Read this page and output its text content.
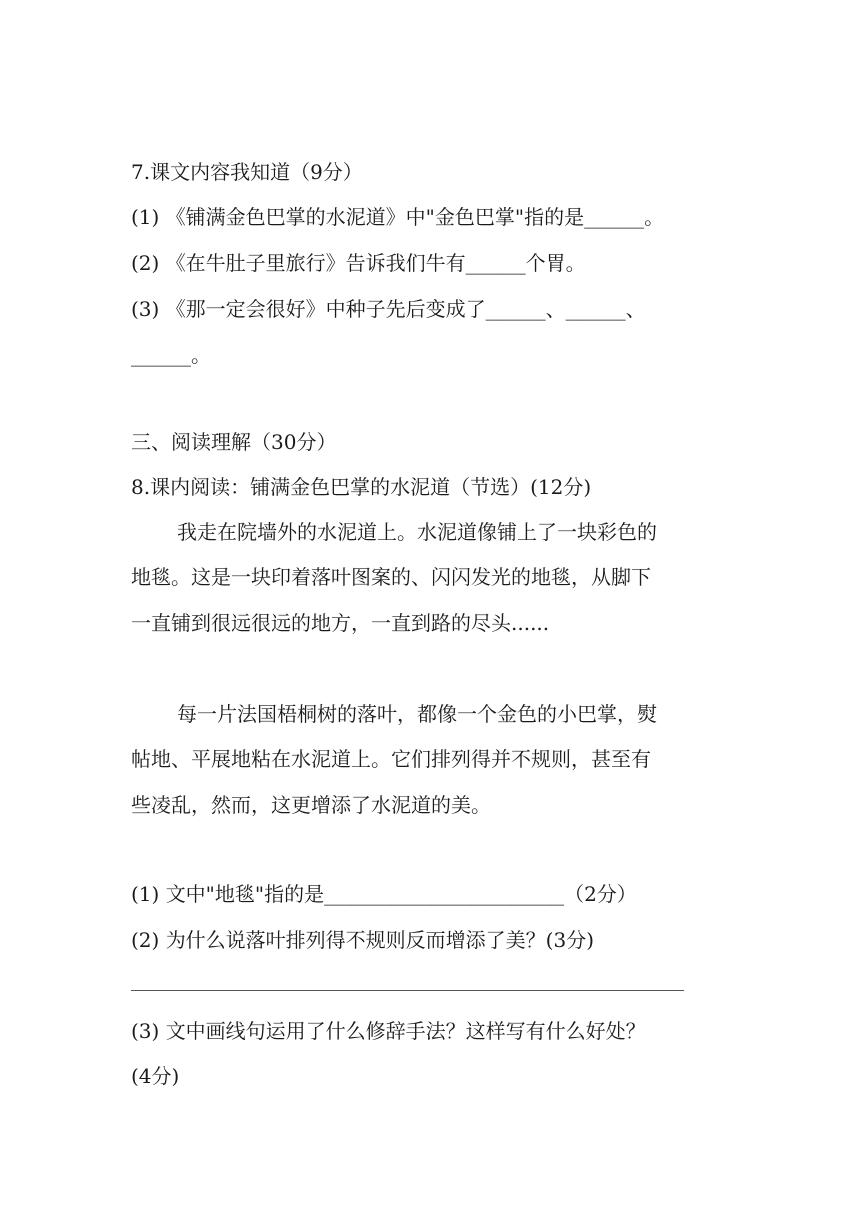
7.课文内容我知道（9分）
(1) 《铺满金色巴掌的水泥道》中"金色巴掌"指的是______。
(2) 《在牛肚子里旅行》告诉我们牛有______个胃。
(3) 《那一定会很好》中种子先后变成了______、______、
______。
三、阅读理解（30分）
8.课内阅读：铺满金色巴掌的水泥道（节选）(12分)
我走在院墙外的水泥道上。水泥道像铺上了一块彩色的
地毯。这是一块印着落叶图案的、闪闪发光的地毯，从脚下
一直铺到很远很远的地方，一直到路的尽头......
每一片法国梧桐树的落叶，都像一个金色的小巴掌，熨
帖地、平展地粘在水泥道上。它们排列得并不规则，甚至有
些凌乱，然而，这更增添了水泥道的美。
(1) 文中"地毯"指的是________________________（2分）
(2) 为什么说落叶排列得不规则反而增添了美？(3分)
(3) 文中画线句运用了什么修辞手法？这样写有什么好处？
(4分)
